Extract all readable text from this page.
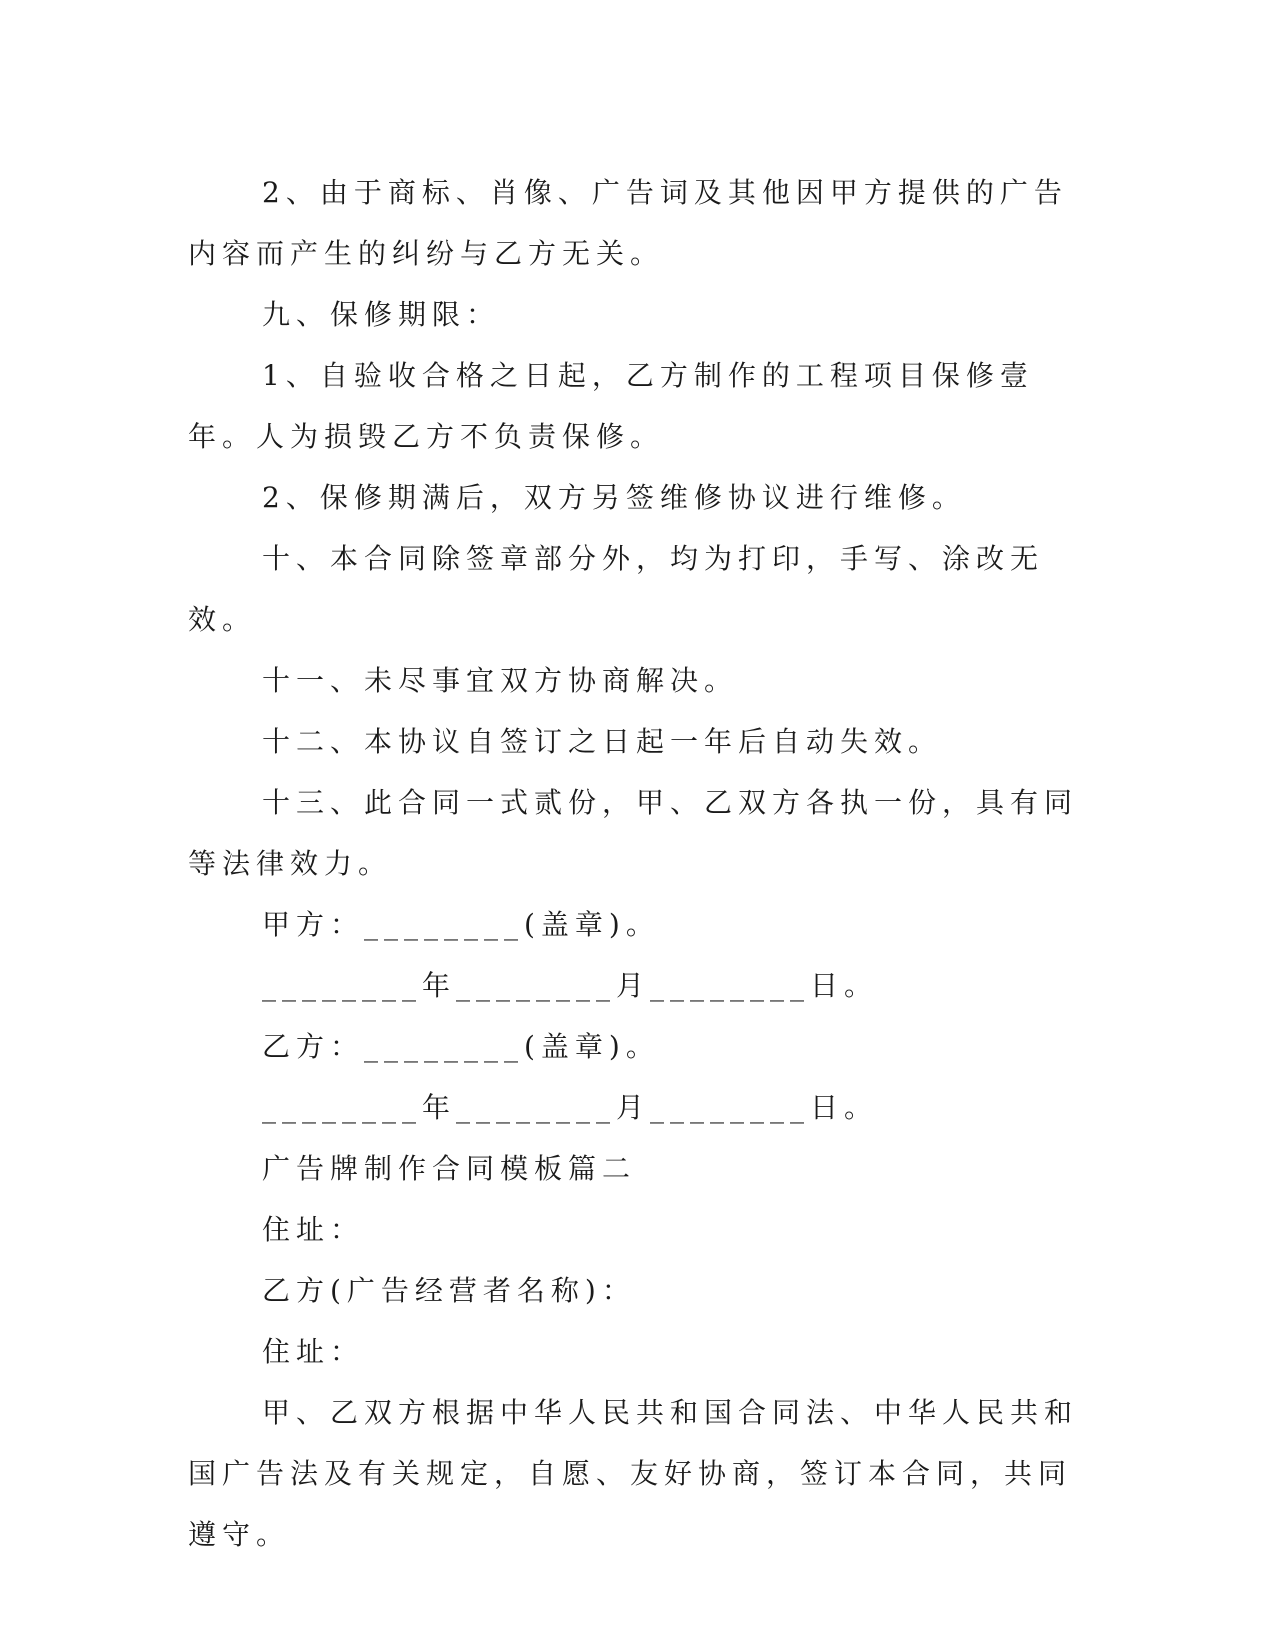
2、由于商标、肖像、广告词及其他因甲方提供的广告内容而产生的纠纷与乙方无关。

九、保修期限：

1、自验收合格之日起，乙方制作的工程项目保修壹年。人为损毁乙方不负责保修。

2、保修期满后，双方另签维修协议进行维修。

十、本合同除签章部分外，均为打印，手写、涂改无效。

十一、未尽事宜双方协商解决。

十二、本协议自签订之日起一年后自动失效。

十三、此合同一式贰份，甲、乙双方各执一份，具有同等法律效力。

甲方：________(盖章)。

________年________月________日。

乙方：________(盖章)。

________年________月________日。

广告牌制作合同模板篇二

住址：

乙方(广告经营者名称)：

住址：

甲、乙双方根据中华人民共和国合同法、中华人民共和国广告法及有关规定，自愿、友好协商，签订本合同，共同遵守。
